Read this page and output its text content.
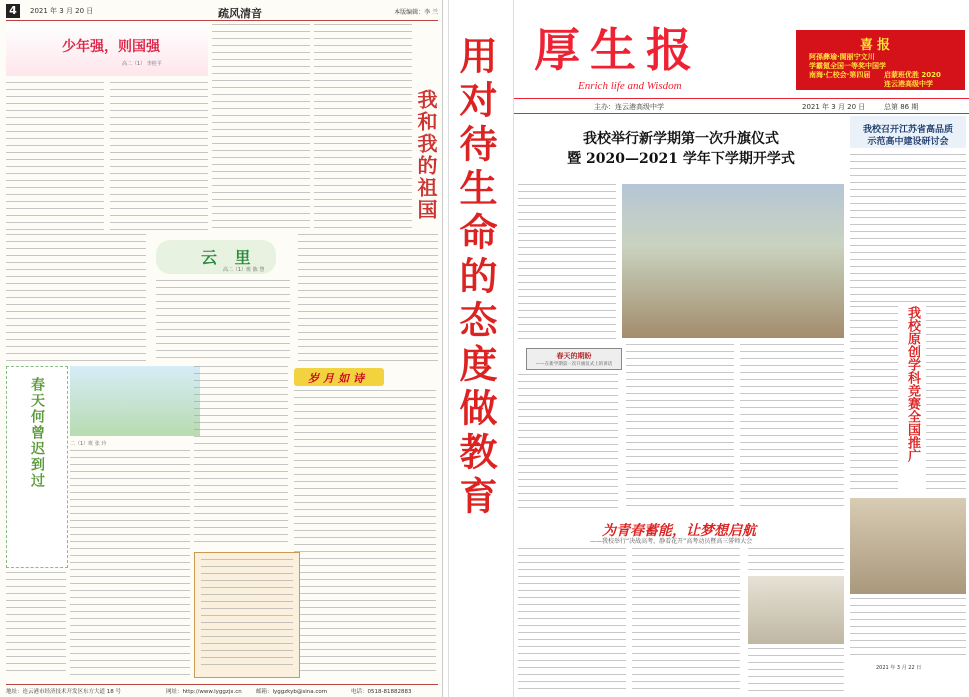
4	2021 年 3 月 20 日	疏风清音	本版编辑：李 兰
少年强，则国强
高二（1） 李桂平
我和我的祖国
云 里
高二（1）班 陈 慧
春天何曾迟到过	二（1）班 张 玲
岁月如诗
地址：连云港市经济技术开发区东方大道 18 号	网址：http://www.lyggzjx.cn	邮箱：lyggzkyb@sina.com	电话：0518-81882883
用对待生命的态度做教育 厚生报
Enrich life and Wisdom
喜报
阿孫彝瑜·閩丽宁文川
学霸氪全国一等奖中国学
南海·仁校会·第四届 启蒙班优胜 2020
连云港高级中学
主办：连云港高级中学	2021 年 3 月 20 日	总第 86 期
我校举行新学期第一次升旗仪式
暨 2020—2021 学年下学期开学式
春天的期盼
——在新学期第一次升旗仪式上的讲话
为青春蓄能，让梦想启航
——我校举行“决战高考，静看花开”高考动员暨高三誓师大会
我校召开江苏省高品质
示范高中建设研讨会
我校原创学科竞赛全国推广
2021 年 3 月 22 日
